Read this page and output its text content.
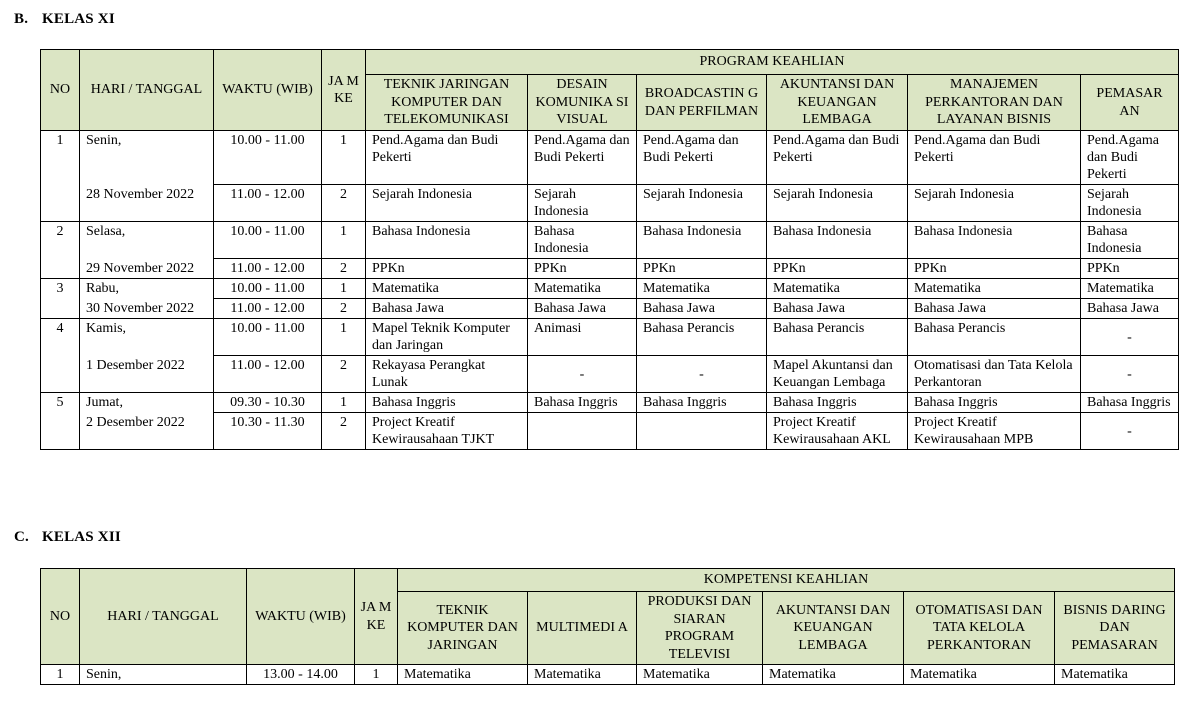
B. KELAS XI
NO	HARI / TANGGAL	WAKTU (WIB)	JA M KE	PROGRAM KEAHLIAN					
				TEKNIK JARINGAN KOMPUTER DAN TELEKOMUNIKASI	DESAIN KOMUNIKA SI VISUAL	BROADCASTIN G DAN PERFILMAN	AKUNTANSI DAN KEUANGAN LEMBAGA	MANAJEMEN PERKANTORAN DAN LAYANAN BISNIS	PEMASAR AN
1	Senin,	10.00 - 11.00	1	Pend.Agama dan Budi Pekerti	Pend.Agama dan Budi Pekerti	Pend.Agama dan Budi Pekerti	Pend.Agama dan Budi Pekerti	Pend.Agama dan Budi Pekerti	Pend.Agama dan Budi Pekerti
	28 November 2022	11.00 - 12.00	2	Sejarah Indonesia	Sejarah Indonesia	Sejarah Indonesia	Sejarah Indonesia	Sejarah Indonesia	Sejarah Indonesia
2	Selasa,	10.00 - 11.00	1	Bahasa Indonesia	Bahasa Indonesia	Bahasa Indonesia	Bahasa Indonesia	Bahasa Indonesia	Bahasa Indonesia
	29 November 2022	11.00 - 12.00	2	PPKn	PPKn	PPKn	PPKn	PPKn	PPKn
3	Rabu,	10.00 - 11.00	1	Matematika	Matematika	Matematika	Matematika	Matematika	Matematika
	30 November 2022	11.00 - 12.00	2	Bahasa Jawa	Bahasa Jawa	Bahasa Jawa	Bahasa Jawa	Bahasa Jawa	Bahasa Jawa
4	Kamis,	10.00 - 11.00	1	Mapel Teknik Komputer dan Jaringan	Animasi	Bahasa Perancis	Bahasa Perancis	Bahasa Perancis	-
	1 Desember 2022	11.00 - 12.00	2	Rekayasa Perangkat Lunak	-	-	Mapel Akuntansi dan Keuangan Lembaga	Otomatisasi dan Tata Kelola Perkantoran	-
5	Jumat,	09.30 - 10.30	1	Bahasa Inggris	Bahasa Inggris	Bahasa Inggris	Bahasa Inggris	Bahasa Inggris	Bahasa Inggris
	2 Desember 2022	10.30 - 11.30	2	Project Kreatif Kewirausahaan TJKT			Project Kreatif Kewirausahaan AKL	Project Kreatif Kewirausahaan MPB	-
C. KELAS XII
NO	HARI / TANGGAL	WAKTU (WIB)	JA M KE	KOMPETENSI KEAHLIAN					
				TEKNIK KOMPUTER DAN JARINGAN	MULTIMEDI A	PRODUKSI DAN SIARAN PROGRAM TELEVISI	AKUNTANSI DAN KEUANGAN LEMBAGA	OTOMATISASI DAN TATA KELOLA PERKANTORAN	BISNIS DARING DAN PEMASARAN
1	Senin,	13.00 - 14.00	1	Matematika	Matematika	Matematika	Matematika	Matematika	Matematika
